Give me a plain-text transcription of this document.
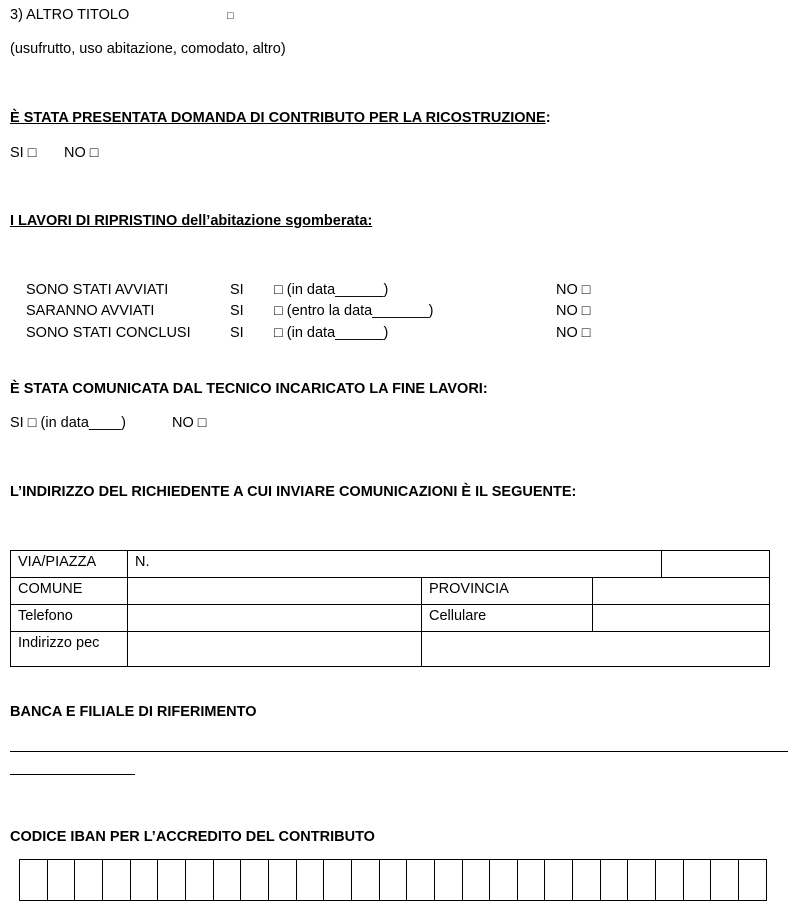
3) ALTRO TITOLO	□
(usufrutto, uso abitazione, comodato, altro)
È STATA PRESENTATA DOMANDA DI CONTRIBUTO PER LA RICOSTRUZIONE:
SI □ NO □
I LAVORI DI RIPRISTINO dell’abitazione sgomberata:
SONO STATI AVVIATI	SI □ (in data______)	NO □
SARANNO AVVIATI	SI □ (entro la data_______)	NO □
SONO STATI CONCLUSI	SI □ (in data______)	NO □
È STATA COMUNICATA DAL TECNICO INCARICATO LA FINE LAVORI:
SI □ (in data____)	NO □
L’INDIRIZZO DEL RICHIEDENTE A CUI INVIARE COMUNICAZIONI È IL SEGUENTE:
VIA/PIAZZA	N.			
COMUNE		PROVINCIA		
Telefono		Cellulare		
Indirizzo pec				
BANCA E FILIALE DI RIFERIMENTO
CODICE IBAN PER L’ACCREDITO DEL CONTRIBUTO
